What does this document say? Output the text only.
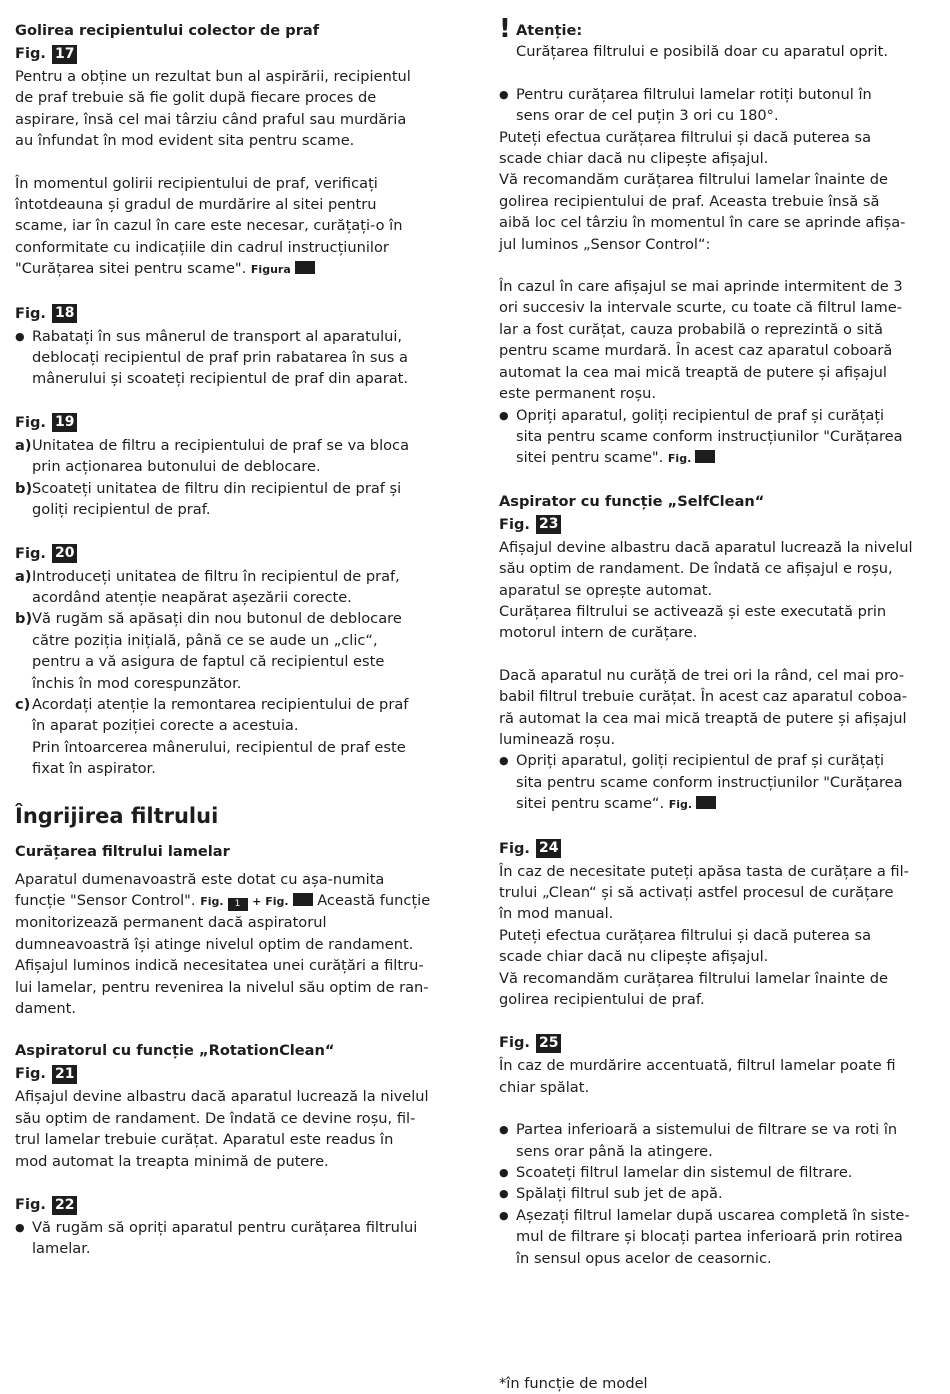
Golirea recipientului colector de praf
Fig. 17

Pentru a obține un rezultat bun al aspirării, recipientul
de praf trebuie să fie golit după fiecare proces de
aspirare, însă cel mai târziu când praful sau murdăria
au înfundat în mod evident sita pentru scame.

În momentul golirii recipientului de praf, verificați
întotdeauna și gradul de murdărire al sitei pentru
scame, iar în cazul în care este necesar, curățați-o în
conformitate cu indicațiile din cadrul instrucțiunilor
"Curățarea sitei pentru scame". Figura

Fig. 18
● Rabatați în sus mânerul de transport al aparatului,
deblocați recipientul de praf prin rabatarea în sus a
mânerului și scoateți recipientul de praf din aparat.
Fig. 19
a) Unitatea de filtru a recipientului de praf se va bloca
prin acționarea butonului de deblocare.
b) Scoateți unitatea de filtru din recipientul de praf și
goliți recipientul de praf.
Fig. 20
a) Introduceți unitatea de filtru în recipientul de praf,
acordând atenție neapărat așezării corecte.
b) Vă rugăm să apăsați din nou butonul de deblocare
către poziția inițială, până ce se aude un „clic“,
pentru a vă asigura de faptul că recipientul este
închis în mod corespunzător.
c) Acordați atenție la remontarea recipientului de praf
în aparat poziției corecte a acestuia.
Prin întoarcerea mânerului, recipientul de praf este
fixat în aspirator.
Îngrijirea filtrului
Curățarea filtrului lamelar

Aparatul dumenavoastră este dotat cu așa-numita
funcție "Sensor Control". Fig. 1 + Fig. Această funcție
monitorizează permanent dacă aspiratorul
dumneavoastră își atinge nivelul optim de randament.
Afișajul luminos indică necesitatea unei curățări a filtru-
lui lamelar, pentru revenirea la nivelul său optim de ran-
dament.

Aspiratorul cu funcție „RotationClean“
Fig. 21

Afișajul devine albastru dacă aparatul lucrează la nivelul
său optim de randament. De îndată ce devine roșu, fil-
trul lamelar trebuie curățat. Aparatul este readus în
mod automat la treapta minimă de putere.

Fig. 22
● Vă rugăm să opriți aparatul pentru curățarea filtrului
lamelar.
! Atenție:

Curățarea filtrului e posibilă doar cu aparatul oprit.

● Pentru curățarea filtrului lamelar rotiți butonul în
sens orar de cel puțin 3 ori cu 180°.

Puteți efectua curățarea filtrului și dacă puterea sa
scade chiar dacă nu clipește afișajul.
Vă recomandăm curățarea filtrului lamelar înainte de
golirea recipientului de praf. Aceasta trebuie însă să
aibă loc cel târziu în momentul în care se aprinde afișa-
jul luminos „Sensor Control“:

În cazul în care afișajul se mai aprinde intermitent de 3
ori succesiv la intervale scurte, cu toate că filtrul lame-
lar a fost curățat, cauza probabilă o reprezintă o sită
pentru scame murdară. În acest caz aparatul coboară
automat la cea mai mică treaptă de putere și afișajul
este permanent roșu.

● Opriți aparatul, goliți recipientul de praf și curățați
sita pentru scame conform instrucțiunilor "Curățarea
sitei pentru scame". Fig.
Aspirator cu funcție „SelfClean“
Fig. 23

Afișajul devine albastru dacă aparatul lucrează la nivelul
său optim de randament. De îndată ce afișajul e roșu,
aparatul se oprește automat.
Curățarea filtrului se activează și este executată prin
motorul intern de curățare.

Dacă aparatul nu curăță de trei ori la rând, cel mai pro-
babil filtrul trebuie curățat. În acest caz aparatul coboa-
ră automat la cea mai mică treaptă de putere și afișajul
luminează roșu.

● Opriți aparatul, goliți recipientul de praf și curățați
sita pentru scame conform instrucțiunilor "Curățarea
sitei pentru scame“. Fig.
Fig. 24

În caz de necesitate puteți apăsa tasta de curățare a fil-
trului „Clean“ și să activați astfel procesul de curățare
în mod manual.
Puteți efectua curățarea filtrului și dacă puterea sa
scade chiar dacă nu clipește afișajul.
Vă recomandăm curățarea filtrului lamelar înainte de
golirea recipientului de praf.

Fig. 25

În caz de murdărire accentuată, filtrul lamelar poate fi
chiar spălat.

● Partea inferioară a sistemului de filtrare se va roti în
sens orar până la atingere.
● Scoateți filtrul lamelar din sistemul de filtrare.
● Spălați filtrul sub jet de apă.
● Așezați filtrul lamelar după uscarea completă în siste-
mul de filtrare și blocați partea inferioară prin rotirea
în sensul opus acelor de ceasornic.
*în funcție de model
